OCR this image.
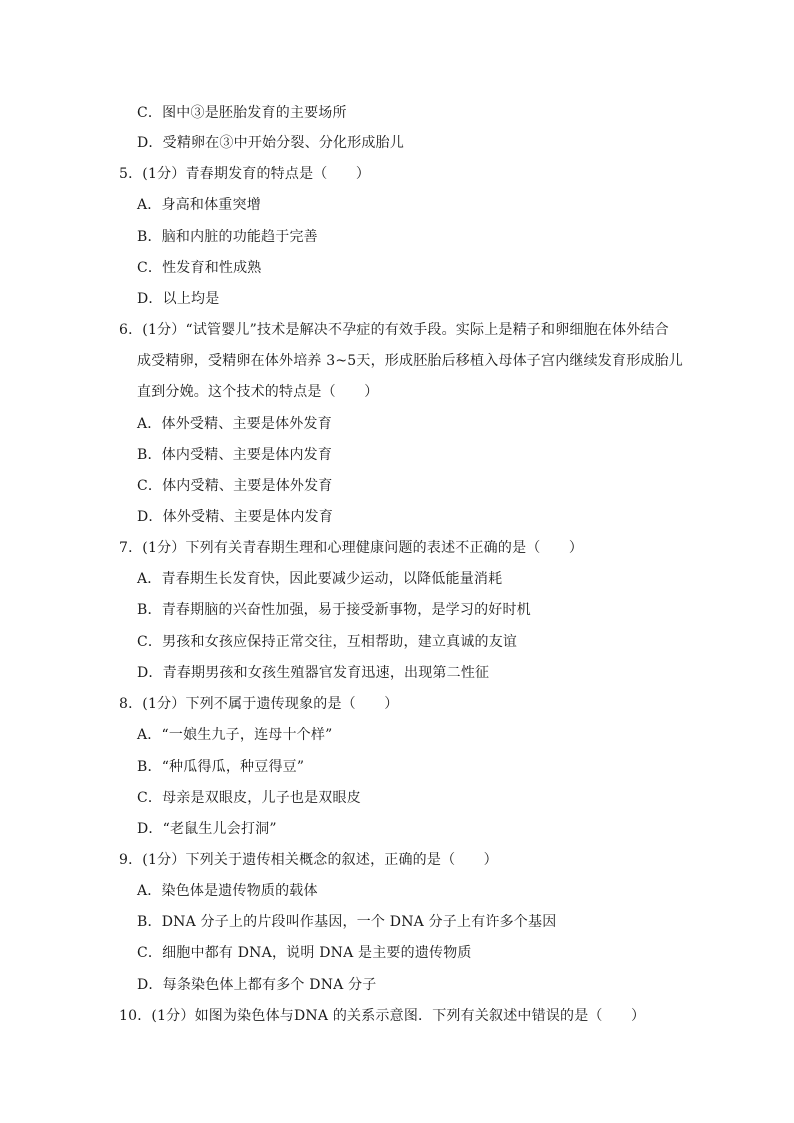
C．图中③是胚胎发育的主要场所
D．受精卵在③中开始分裂、分化形成胎儿
5．(1分）青春期发育的特点是（　　）
A．身高和体重突增
B．脑和内脏的功能趋于完善
C．性发育和性成熟
D．以上均是
6．(1分）“试管婴儿”技术是解决不孕症的有效手段。实际上是精子和卵细胞在体外结合
成受精卵，受精卵在体外培养 3~5天，形成胚胎后移植入母体子宫内继续发育形成胎儿
直到分娩。这个技术的特点是（　　）
A．体外受精、主要是体外发育
B．体内受精、主要是体内发育
C．体内受精、主要是体外发育
D．体外受精、主要是体内发育
7．(1分）下列有关青春期生理和心理健康问题的表述不正确的是（　　）
A．青春期生长发育快，因此要减少运动，以降低能量消耗
B．青春期脑的兴奋性加强，易于接受新事物，是学习的好时机
C．男孩和女孩应保持正常交往，互相帮助，建立真诚的友谊
D．青春期男孩和女孩生殖器官发育迅速，出现第二性征
8．(1分）下列不属于遗传现象的是（　　）
A．“一娘生九子，连母十个样”
B．“种瓜得瓜，种豆得豆”
C．母亲是双眼皮，儿子也是双眼皮
D．“老鼠生儿会打洞”
9．(1分）下列关于遗传相关概念的叙述，正确的是（　　）
A．染色体是遗传物质的载体
B．DNA 分子上的片段叫作基因，一个 DNA 分子上有许多个基因
C．细胞中都有 DNA，说明 DNA 是主要的遗传物质
D．每条染色体上都有多个 DNA 分子
10．(1分）如图为染色体与DNA 的关系示意图．下列有关叙述中错误的是（　　）
